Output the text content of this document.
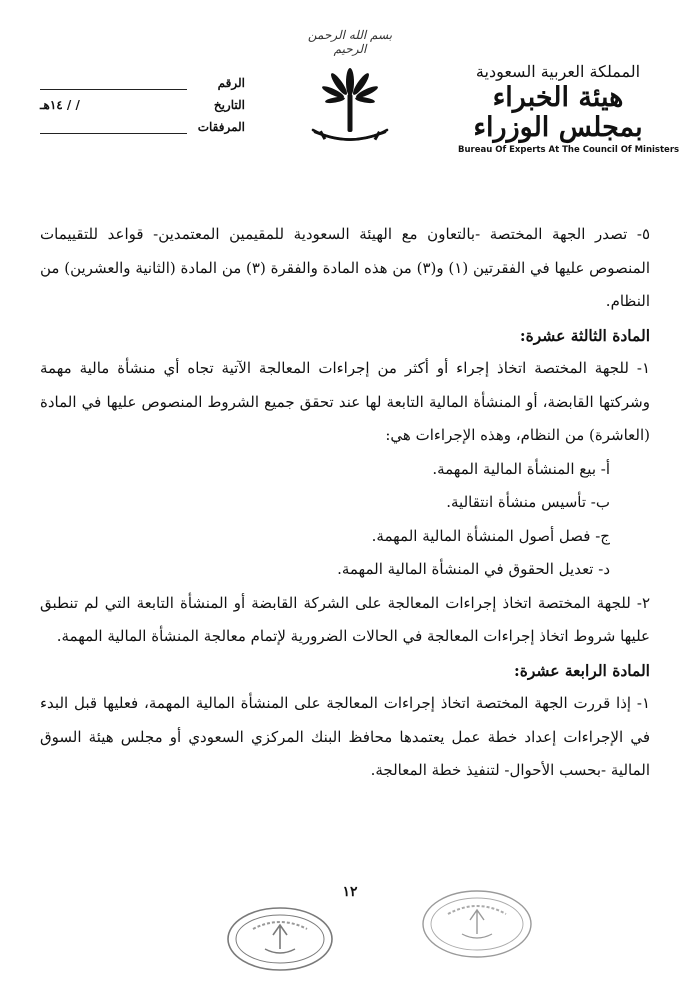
المملكة العربية السعودية
هيئة الخبراء بمجلس الوزراء
Bureau Of Experts At The Council Of Ministers
بسم الله الرحمن الرحيم
الرقم
التاريخ
/ / ١٤هـ
المرفقات

٥- تصدر الجهة المختصة -بالتعاون مع الهيئة السعودية للمقيمين المعتمدين- قواعد للتقييمات المنصوص عليها في الفقرتين (١) و(٣) من هذه المادة والفقرة (٣) من المادة (الثانية والعشرين) من النظام.

المادة الثالثة عشرة:

١- للجهة المختصة اتخاذ إجراء أو أكثر من إجراءات المعالجة الآتية تجاه أي منشأة مالية مهمة وشركتها القابضة، أو المنشأة المالية التابعة لها عند تحقق جميع الشروط المنصوص عليها في المادة (العاشرة) من النظام، وهذه الإجراءات هي:

أ- بيع المنشأة المالية المهمة.

ب- تأسيس منشأة انتقالية.

ج- فصل أصول المنشأة المالية المهمة.

د- تعديل الحقوق في المنشأة المالية المهمة.

٢- للجهة المختصة اتخاذ إجراءات المعالجة على الشركة القابضة أو المنشأة التابعة التي لم تنطبق عليها شروط اتخاذ إجراءات المعالجة في الحالات الضرورية لإتمام معالجة المنشأة المالية المهمة.

المادة الرابعة عشرة:

١- إذا قررت الجهة المختصة اتخاذ إجراءات المعالجة على المنشأة المالية المهمة، فعليها قبل البدء في الإجراءات إعداد خطة عمل يعتمدها محافظ البنك المركزي السعودي أو مجلس هيئة السوق المالية -بحسب الأحوال- لتنفيذ خطة المعالجة.

١٢
